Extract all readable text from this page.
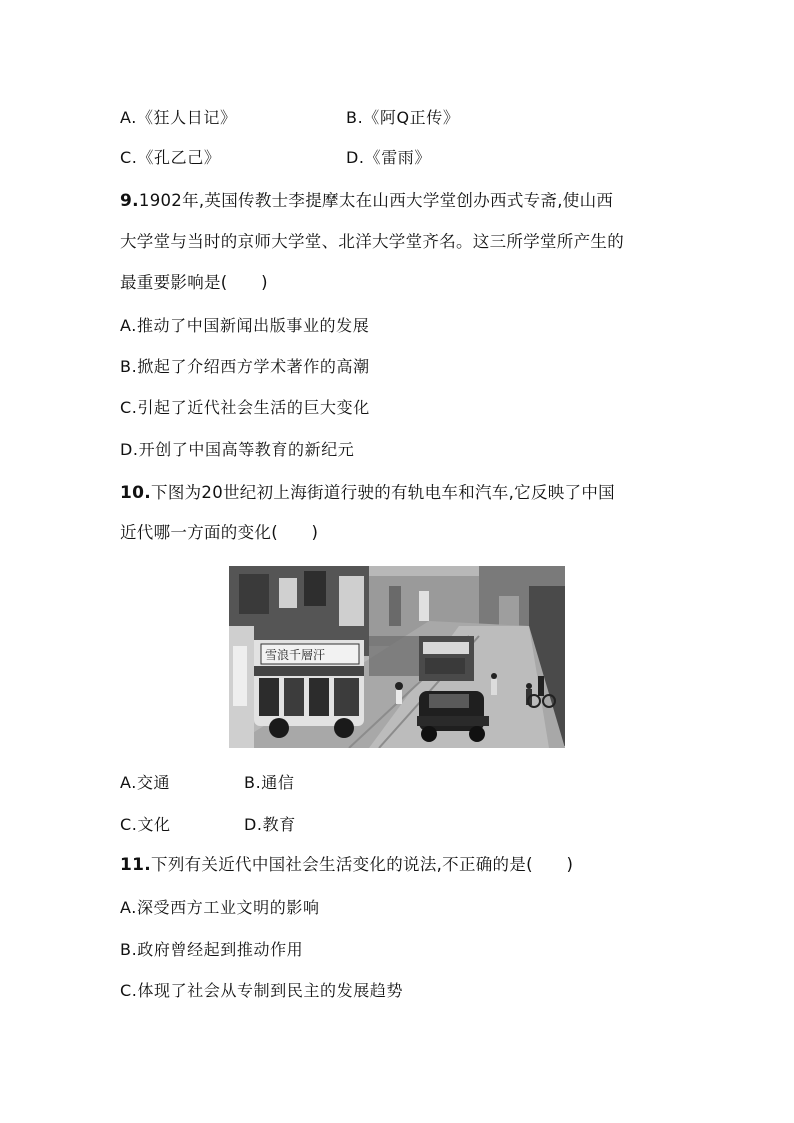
A.《狂人日记》	B.《阿Q正传》
C.《孔乙己》	D.《雷雨》
9.1902年,英国传教士李提摩太在山西大学堂创办西式专斋,使山西
大学堂与当时的京师大学堂、北洋大学堂齐名。这三所学堂所产生的
最重要影响是(　　)
A.推动了中国新闻出版事业的发展
B.掀起了介绍西方学术著作的高潮
C.引起了近代社会生活的巨大变化
D.开创了中国高等教育的新纪元
10.下图为20世纪初上海街道行驶的有轨电车和汽车,它反映了中国
近代哪一方面的变化(　　)
雪浪千層汗
A.交通	B.通信
C.文化	D.教育
11.下列有关近代中国社会生活变化的说法,不正确的是(　　)
A.深受西方工业文明的影响
B.政府曾经起到推动作用
C.体现了社会从专制到民主的发展趋势
